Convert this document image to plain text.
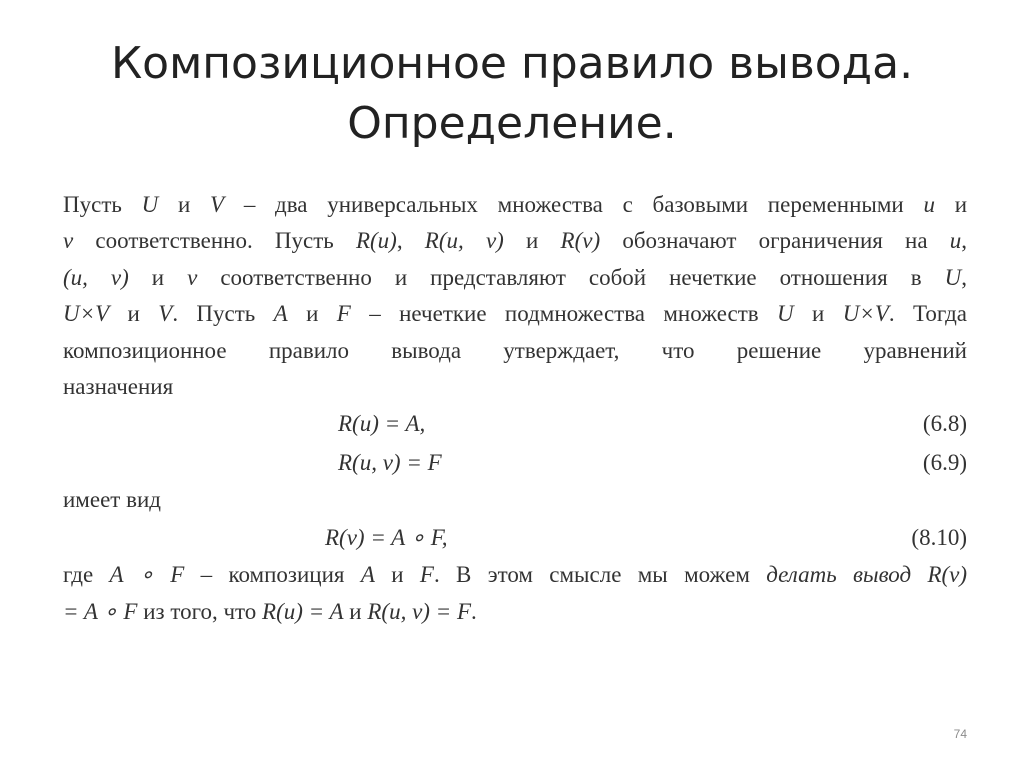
Композиционное правило вывода.
Определение.
Пусть U и V – два универсальных множества с базовыми переменными u и
v соответственно. Пусть R(u), R(u, v) и R(v) обозначают ограничения на u,
(u, v) и v соответственно и представляют собой нечеткие отношения в U,
U×V и V. Пусть A и F – нечеткие подмножества множеств U и U×V. Тогда
композиционное правило вывода утверждает, что решение уравнений
назначения
R(u) = A,	(6.8)
R(u, v) = F	(6.9)
имеет вид
R(v) = A ∘ F,	(8.10)
где A ∘ F – композиция A и F. В этом смысле мы можем делать вывод R(v)
= A ∘ F из того, что R(u) = A и R(u, v) = F.
74
